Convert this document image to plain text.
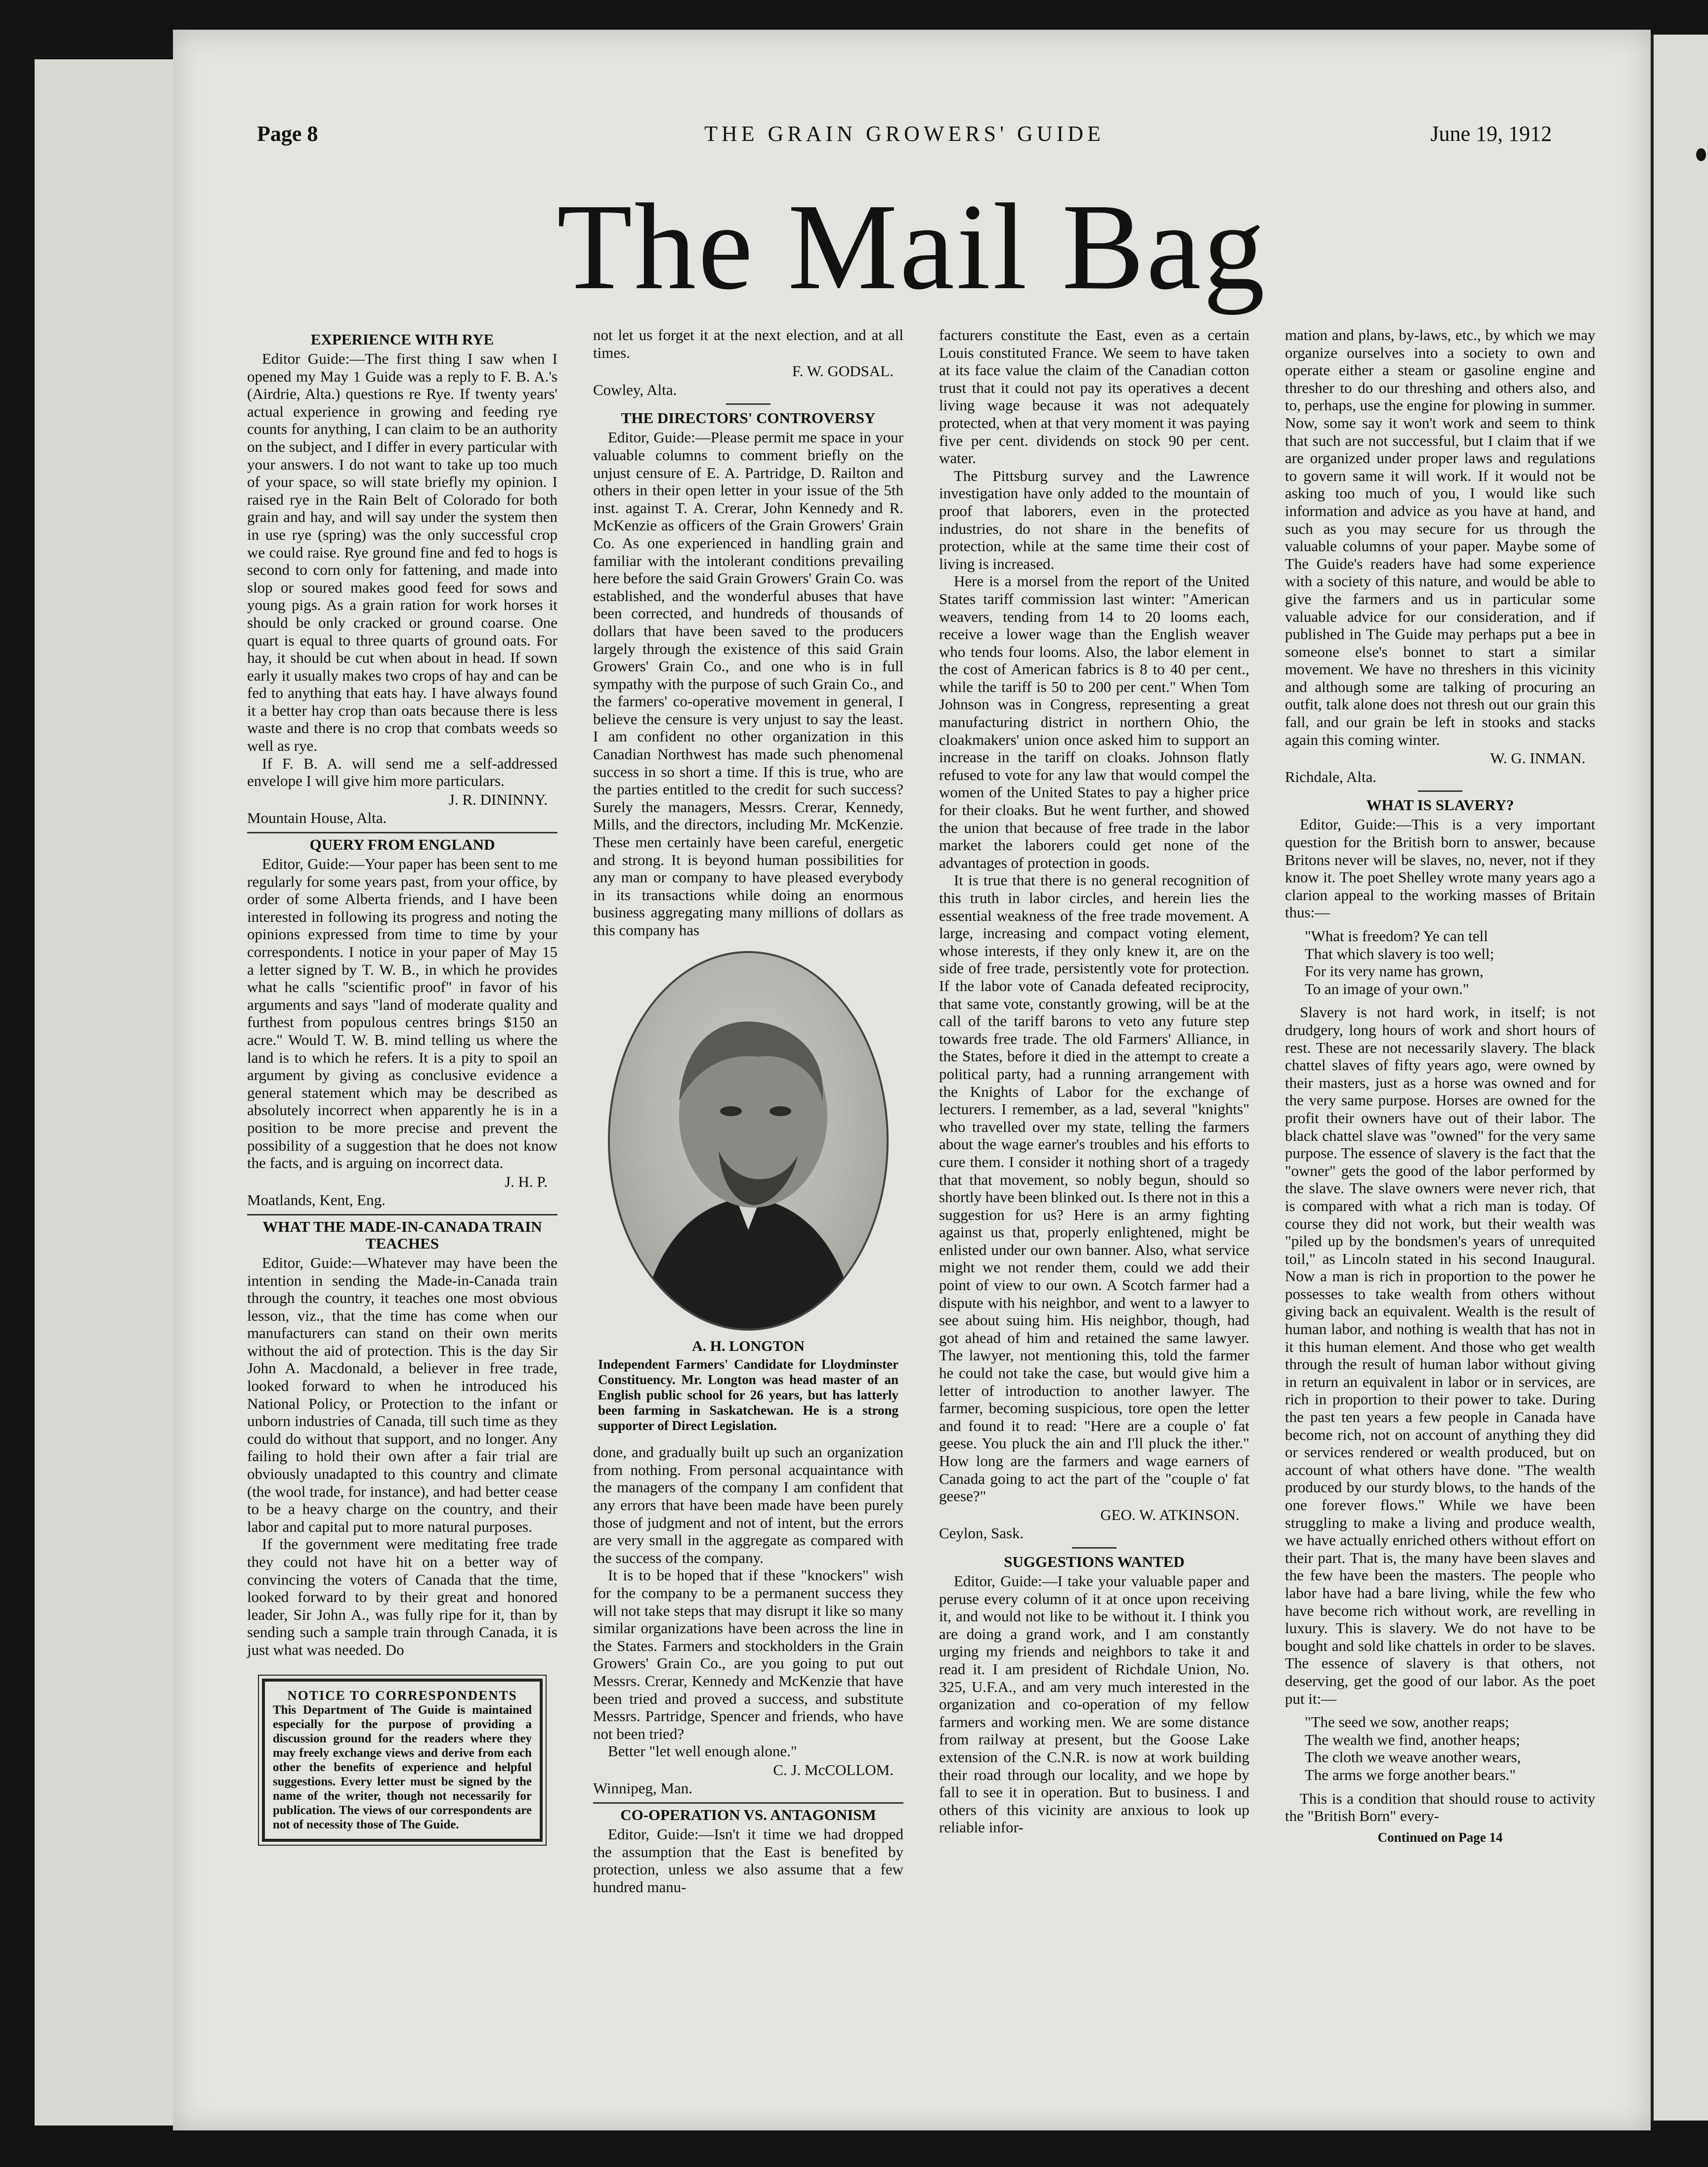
Page 8	THE GRAIN GROWERS' GUIDE	June 19, 1912
The Mail Bag
EXPERIENCE WITH RYE

Editor Guide:—The first thing I saw when I opened my May 1 Guide was a reply to F. B. A.'s (Airdrie, Alta.) questions re Rye. If twenty years' actual experience in growing and feeding rye counts for anything, I can claim to be an authority on the subject, and I differ in every particular with your answers. I do not want to take up too much of your space, so will state briefly my opinion. I raised rye in the Rain Belt of Colorado for both grain and hay, and will say under the system then in use rye (spring) was the only successful crop we could raise. Rye ground fine and fed to hogs is second to corn only for fattening, and made into slop or soured makes good feed for sows and young pigs. As a grain ration for work horses it should be only cracked or ground coarse. One quart is equal to three quarts of ground oats. For hay, it should be cut when about in head. If sown early it usually makes two crops of hay and can be fed to anything that eats hay. I have always found it a better hay crop than oats because there is less waste and there is no crop that combats weeds so well as rye.

If F. B. A. will send me a self-addressed envelope I will give him more particulars.

J. R. DININNY.
Mountain House, Alta.
QUERY FROM ENGLAND

Editor, Guide:—Your paper has been sent to me regularly for some years past, from your office, by order of some Alberta friends, and I have been interested in following its progress and noting the opinions expressed from time to time by your correspondents. I notice in your paper of May 15 a letter signed by T. W. B., in which he provides what he calls "scientific proof" in favor of his arguments and says "land of moderate quality and furthest from populous centres brings $150 an acre." Would T. W. B. mind telling us where the land is to which he refers. It is a pity to spoil an argument by giving as conclusive evidence a general statement which may be described as absolutely incorrect when apparently he is in a position to be more precise and prevent the possibility of a suggestion that he does not know the facts, and is arguing on incorrect data.

J. H. P.
Moatlands, Kent, Eng.
WHAT THE MADE-IN-CANADA TRAIN TEACHES

Editor, Guide:—Whatever may have been the intention in sending the Made-in-Canada train through the country, it teaches one most obvious lesson, viz., that the time has come when our manufacturers can stand on their own merits without the aid of protection. This is the day Sir John A. Macdonald, a believer in free trade, looked forward to when he introduced his National Policy, or Protection to the infant or unborn industries of Canada, till such time as they could do without that support, and no longer. Any failing to hold their own after a fair trial are obviously unadapted to this country and climate (the wool trade, for instance), and had better cease to be a heavy charge on the country, and their labor and capital put to more natural purposes.

If the government were meditating free trade they could not have hit on a better way of convincing the voters of Canada that the time, looked forward to by their great and honored leader, Sir John A., was fully ripe for it, than by sending such a sample train through Canada, it is just what was needed. Do

NOTICE TO CORRESPONDENTS
This Department of The Guide is maintained especially for the purpose of providing a discussion ground for the readers where they may freely exchange views and derive from each other the benefits of experience and helpful suggestions. Every letter must be signed by the name of the writer, though not necessarily for publication. The views of our correspondents are not of necessity those of The Guide.

not let us forget it at the next election, and at all times.

F. W. GODSAL.
Cowley, Alta.
THE DIRECTORS' CONTROVERSY

Editor, Guide:—Please permit me space in your valuable columns to comment briefly on the unjust censure of E. A. Partridge, D. Railton and others in their open letter in your issue of the 5th inst. against T. A. Crerar, John Kennedy and R. McKenzie as officers of the Grain Growers' Grain Co. As one experienced in handling grain and familiar with the intolerant conditions prevailing here before the said Grain Growers' Grain Co. was established, and the wonderful abuses that have been corrected, and hundreds of thousands of dollars that have been saved to the producers largely through the existence of this said Grain Growers' Grain Co., and one who is in full sympathy with the purpose of such Grain Co., and the farmers' co-operative movement in general, I believe the censure is very unjust to say the least. I am confident no other organization in this Canadian Northwest has made such phenomenal success in so short a time. If this is true, who are the parties entitled to the credit for such success? Surely the managers, Messrs. Crerar, Kennedy, Mills, and the directors, including Mr. McKenzie. These men certainly have been careful, energetic and strong. It is beyond human possibilities for any man or company to have pleased everybody in its transactions while doing an enormous business aggregating many millions of dollars as this company has

A. H. LONGTON
Independent Farmers' Candidate for Lloydminster Constituency. Mr. Longton was head master of an English public school for 26 years, but has latterly been farming in Saskatchewan. He is a strong supporter of Direct Legislation.

done, and gradually built up such an organization from nothing. From personal acquaintance with the managers of the company I am confident that any errors that have been made have been purely those of judgment and not of intent, but the errors are very small in the aggregate as compared with the success of the company.

It is to be hoped that if these "knockers" wish for the company to be a permanent success they will not take steps that may disrupt it like so many similar organizations have been across the line in the States. Farmers and stockholders in the Grain Growers' Grain Co., are you going to put out Messrs. Crerar, Kennedy and McKenzie that have been tried and proved a success, and substitute Messrs. Partridge, Spencer and friends, who have not been tried?

Better "let well enough alone."

C. J. McCOLLOM.
Winnipeg, Man.
CO-OPERATION VS. ANTAGONISM

Editor, Guide:—Isn't it time we had dropped the assumption that the East is benefited by protection, unless we also assume that a few hundred manu-

facturers constitute the East, even as a certain Louis constituted France. We seem to have taken at its face value the claim of the Canadian cotton trust that it could not pay its operatives a decent living wage because it was not adequately protected, when at that very moment it was paying five per cent. dividends on stock 90 per cent. water.

The Pittsburg survey and the Lawrence investigation have only added to the mountain of proof that laborers, even in the protected industries, do not share in the benefits of protection, while at the same time their cost of living is increased.

Here is a morsel from the report of the United States tariff commission last winter: "American weavers, tending from 14 to 20 looms each, receive a lower wage than the English weaver who tends four looms. Also, the labor element in the cost of American fabrics is 8 to 40 per cent., while the tariff is 50 to 200 per cent." When Tom Johnson was in Congress, representing a great manufacturing district in northern Ohio, the cloakmakers' union once asked him to support an increase in the tariff on cloaks. Johnson flatly refused to vote for any law that would compel the women of the United States to pay a higher price for their cloaks. But he went further, and showed the union that because of free trade in the labor market the laborers could get none of the advantages of protection in goods.

It is true that there is no general recognition of this truth in labor circles, and herein lies the essential weakness of the free trade movement. A large, increasing and compact voting element, whose interests, if they only knew it, are on the side of free trade, persistently vote for protection. If the labor vote of Canada defeated reciprocity, that same vote, constantly growing, will be at the call of the tariff barons to veto any future step towards free trade. The old Farmers' Alliance, in the States, before it died in the attempt to create a political party, had a running arrangement with the Knights of Labor for the exchange of lecturers. I remember, as a lad, several "knights" who travelled over my state, telling the farmers about the wage earner's troubles and his efforts to cure them. I consider it nothing short of a tragedy that that movement, so nobly begun, should so shortly have been blinked out. Is there not in this a suggestion for us? Here is an army fighting against us that, properly enlightened, might be enlisted under our own banner. Also, what service might we not render them, could we add their point of view to our own. A Scotch farmer had a dispute with his neighbor, and went to a lawyer to see about suing him. His neighbor, though, had got ahead of him and retained the same lawyer. The lawyer, not mentioning this, told the farmer he could not take the case, but would give him a letter of introduction to another lawyer. The farmer, becoming suspicious, tore open the letter and found it to read: "Here are a couple o' fat geese. You pluck the ain and I'll pluck the ither." How long are the farmers and wage earners of Canada going to act the part of the "couple o' fat geese?"

GEO. W. ATKINSON.
Ceylon, Sask.
SUGGESTIONS WANTED

Editor, Guide:—I take your valuable paper and peruse every column of it at once upon receiving it, and would not like to be without it. I think you are doing a grand work, and I am constantly urging my friends and neighbors to take it and read it. I am president of Richdale Union, No. 325, U.F.A., and am very much interested in the organization and co-operation of my fellow farmers and working men. We are some distance from railway at present, but the Goose Lake extension of the C.N.R. is now at work building their road through our locality, and we hope by fall to see it in operation. But to business. I and others of this vicinity are anxious to look up reliable infor-

mation and plans, by-laws, etc., by which we may organize ourselves into a society to own and operate either a steam or gasoline engine and thresher to do our threshing and others also, and to, perhaps, use the engine for plowing in summer. Now, some say it won't work and seem to think that such are not successful, but I claim that if we are organized under proper laws and regulations to govern same it will work. If it would not be asking too much of you, I would like such information and advice as you have at hand, and such as you may secure for us through the valuable columns of your paper. Maybe some of The Guide's readers have had some experience with a society of this nature, and would be able to give the farmers and us in particular some valuable advice for our consideration, and if published in The Guide may perhaps put a bee in someone else's bonnet to start a similar movement. We have no threshers in this vicinity and although some are talking of procuring an outfit, talk alone does not thresh out our grain this fall, and our grain be left in stooks and stacks again this coming winter.

W. G. INMAN.
Richdale, Alta.
WHAT IS SLAVERY?

Editor, Guide:—This is a very important question for the British born to answer, because Britons never will be slaves, no, never, not if they know it. The poet Shelley wrote many years ago a clarion appeal to the working masses of Britain thus:—

"What is freedom? Ye can tell
That which slavery is too well;
For its very name has grown,
To an image of your own."

Slavery is not hard work, in itself; is not drudgery, long hours of work and short hours of rest. These are not necessarily slavery. The black chattel slaves of fifty years ago, were owned by their masters, just as a horse was owned and for the very same purpose. Horses are owned for the profit their owners have out of their labor. The black chattel slave was "owned" for the very same purpose. The essence of slavery is the fact that the "owner" gets the good of the labor performed by the slave. The slave owners were never rich, that is compared with what a rich man is today. Of course they did not work, but their wealth was "piled up by the bondsmen's years of unrequited toil," as Lincoln stated in his second Inaugural. Now a man is rich in proportion to the power he possesses to take wealth from others without giving back an equivalent. Wealth is the result of human labor, and nothing is wealth that has not in it this human element. And those who get wealth through the result of human labor without giving in return an equivalent in labor or in services, are rich in proportion to their power to take. During the past ten years a few people in Canada have become rich, not on account of anything they did or services rendered or wealth produced, but on account of what others have done. "The wealth produced by our sturdy blows, to the hands of the one forever flows." While we have been struggling to make a living and produce wealth, we have actually enriched others without effort on their part. That is, the many have been slaves and the few have been the masters. The people who labor have had a bare living, while the few who have become rich without work, are revelling in luxury. This is slavery. We do not have to be bought and sold like chattels in order to be slaves. The essence of slavery is that others, not deserving, get the good of our labor. As the poet put it:—

"The seed we sow, another reaps;
The wealth we find, another heaps;
The cloth we weave another wears,
The arms we forge another bears."

This is a condition that should rouse to activity the "British Born" every-

Continued on Page 14
